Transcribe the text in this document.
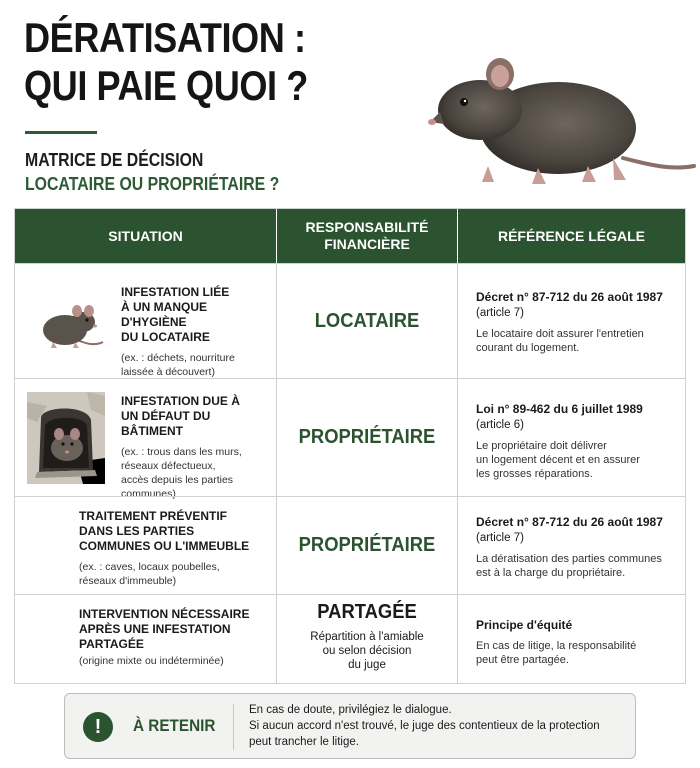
DÉRATISATION :
QUI PAIE QUOI ?
MATRICE DE DÉCISION
LOCATAIRE OU PROPRIÉTAIRE ?
SITUATION
RESPONSABILITÉ
FINANCIÈRE
RÉFÉRENCE LÉGALE
INFESTATION LIÉE
À UN MANQUE D'HYGIÈNE
DU LOCATAIRE
(ex. : déchets, nourriture
laissée à découvert)
LOCATAIRE
Décret n° 87-712 du 26 août 1987
(article 7)
Le locataire doit assurer l'entretien
courant du logement.
INFESTATION DUE À
UN DÉFAUT DU BÂTIMENT
(ex. : trous dans les murs,
réseaux défectueux,
accès depuis les parties
communes)
PROPRIÉTAIRE
Loi n° 89-462 du 6 juillet 1989
(article 6)
Le propriétaire doit délivrer
un logement décent et en assurer
les grosses réparations.
TRAITEMENT PRÉVENTIF
DANS LES PARTIES
COMMUNES OU L'IMMEUBLE
(ex. : caves, locaux poubelles,
réseaux d'immeuble)
PROPRIÉTAIRE
Décret n° 87-712 du 26 août 1987
(article 7)
La dératisation des parties communes
est à la charge du propriétaire.
INTERVENTION NÉCESSAIRE
APRÈS UNE INFESTATION
PARTAGÉE
(origine mixte ou indéterminée)
PARTAGÉE
Répartition à l'amiable
ou selon décision
du juge
Principe d'équité
En cas de litige, la responsabilité
peut être partagée.
!	À RETENIR
En cas de doute, privilégiez le dialogue.
Si aucun accord n'est trouvé, le juge des contentieux de la protection
peut trancher le litige.
